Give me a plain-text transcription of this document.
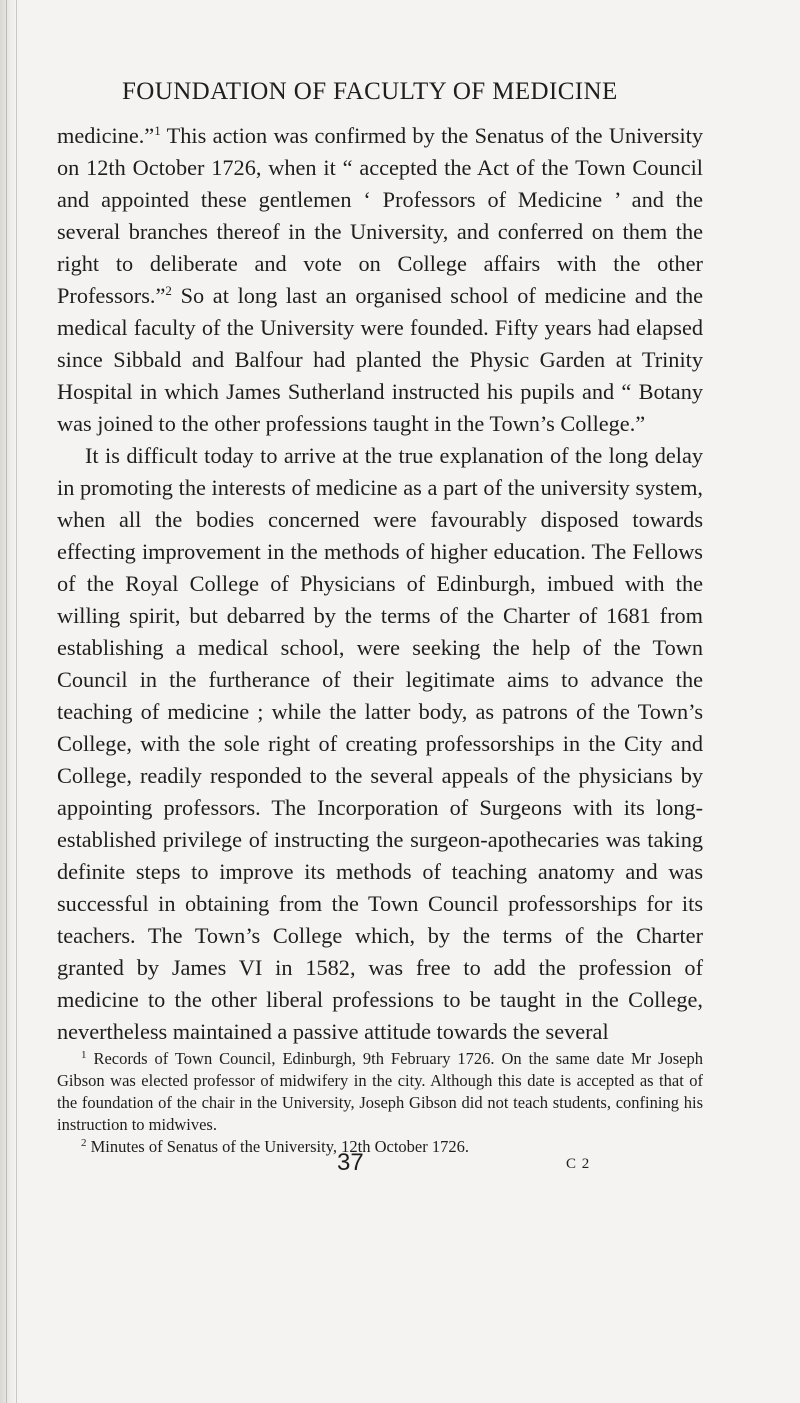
FOUNDATION OF FACULTY OF MEDICINE

medicine.”$^1$ This action was confirmed by the Senatus of the University on 12th October 1726, when it “ accepted the Act of the Town Council and appointed these gentlemen ‘ Professors of Medicine ’ and the several branches thereof in the University, and conferred on them the right to deliberate and vote on College affairs with the other Professors.”$^2$ So at long last an organised school of medicine and the medical faculty of the University were founded. Fifty years had elapsed since Sibbald and Balfour had planted the Physic Garden at Trinity Hospital in which James Sutherland instructed his pupils and “ Botany was joined to the other professions taught in the Town’s College.”

It is difficult today to arrive at the true explanation of the long delay in promoting the interests of medicine as a part of the university system, when all the bodies concerned were favourably disposed towards effecting improvement in the methods of higher education. The Fellows of the Royal College of Physicians of Edinburgh, imbued with the willing spirit, but debarred by the terms of the Charter of 1681 from establishing a medical school, were seeking the help of the Town Council in the furtherance of their legitimate aims to advance the teaching of medicine ; while the latter body, as patrons of the Town’s College, with the sole right of creating professorships in the City and College, readily responded to the several appeals of the physicians by appointing professors. The Incorporation of Surgeons with its long-established privilege of instructing the surgeon-apothecaries was taking definite steps to improve its methods of teaching anatomy and was successful in obtaining from the Town Council professorships for its teachers. The Town’s College which, by the terms of the Charter granted by James VI in 1582, was free to add the profession of medicine to the other liberal professions to be taught in the College, nevertheless maintained a passive attitude towards the several

$^1$ Records of Town Council, Edinburgh, 9th February 1726. On the same date Mr Joseph Gibson was elected professor of midwifery in the city. Although this date is accepted as that of the foundation of the chair in the University, Joseph Gibson did not teach students, confining his instruction to midwives.

$^2$ Minutes of Senatus of the University, 12th October 1726.

37	C 2
